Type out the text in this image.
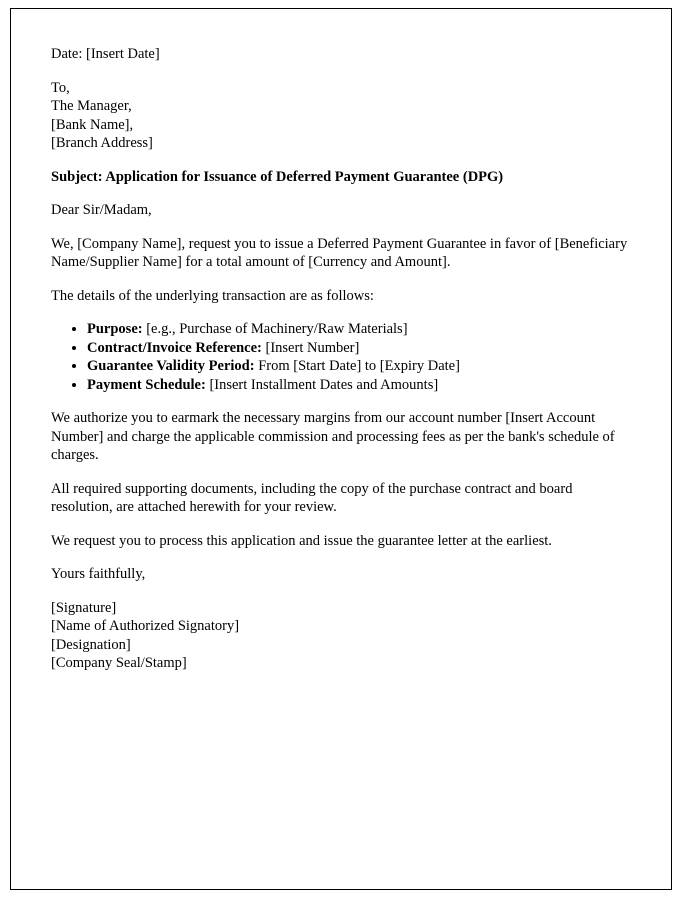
Date: [Insert Date]
To,
The Manager,
[Bank Name],
[Branch Address]
Subject: Application for Issuance of Deferred Payment Guarantee (DPG)
Dear Sir/Madam,
We, [Company Name], request you to issue a Deferred Payment Guarantee in favor of [Beneficiary Name/Supplier Name] for a total amount of [Currency and Amount].
The details of the underlying transaction are as follows:
• Purpose: [e.g., Purchase of Machinery/Raw Materials]
• Contract/Invoice Reference: [Insert Number]
• Guarantee Validity Period: From [Start Date] to [Expiry Date]
• Payment Schedule: [Insert Installment Dates and Amounts]
We authorize you to earmark the necessary margins from our account number [Insert Account Number] and charge the applicable commission and processing fees as per the bank's schedule of charges.
All required supporting documents, including the copy of the purchase contract and board resolution, are attached herewith for your review.
We request you to process this application and issue the guarantee letter at the earliest.
Yours faithfully,
[Signature]
[Name of Authorized Signatory]
[Designation]
[Company Seal/Stamp]
